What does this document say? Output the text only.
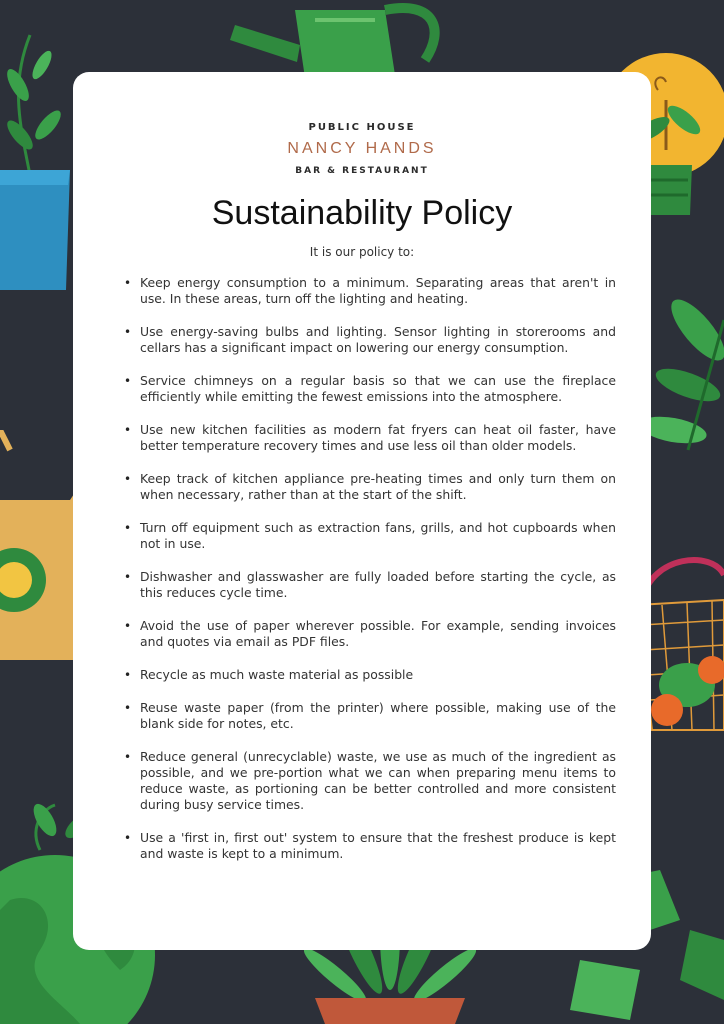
PUBLIC HOUSE
NANCY HANDS
BAR & RESTAURANT
Sustainability Policy
It is our policy to:
• Keep energy consumption to a minimum. Separating areas that aren't in use. In these areas, turn off the lighting and heating.
• Use energy-saving bulbs and lighting. Sensor lighting in storerooms and cellars has a significant impact on lowering our energy consumption.
• Service chimneys on a regular basis so that we can use the fireplace efficiently while emitting the fewest emissions into the atmosphere.
• Use new kitchen facilities as modern fat fryers can heat oil faster, have better temperature recovery times and use less oil than older models.
• Keep track of kitchen appliance pre-heating times and only turn them on when necessary, rather than at the start of the shift.
• Turn off equipment such as extraction fans, grills, and hot cupboards when not in use.
• Dishwasher and glasswasher are fully loaded before starting the cycle, as this reduces cycle time.
• Avoid the use of paper wherever possible. For example, sending invoices and quotes via email as PDF files.
• Recycle as much waste material as possible
• Reuse waste paper (from the printer) where possible, making use of the blank side for notes, etc.
• Reduce general (unrecyclable) waste, we use as much of the ingredient as possible, and we pre-portion what we can when preparing menu items to reduce waste, as portioning can be better controlled and more consistent during busy service times.
• Use a 'first in, first out' system to ensure that the freshest produce is kept and waste is kept to a minimum.
